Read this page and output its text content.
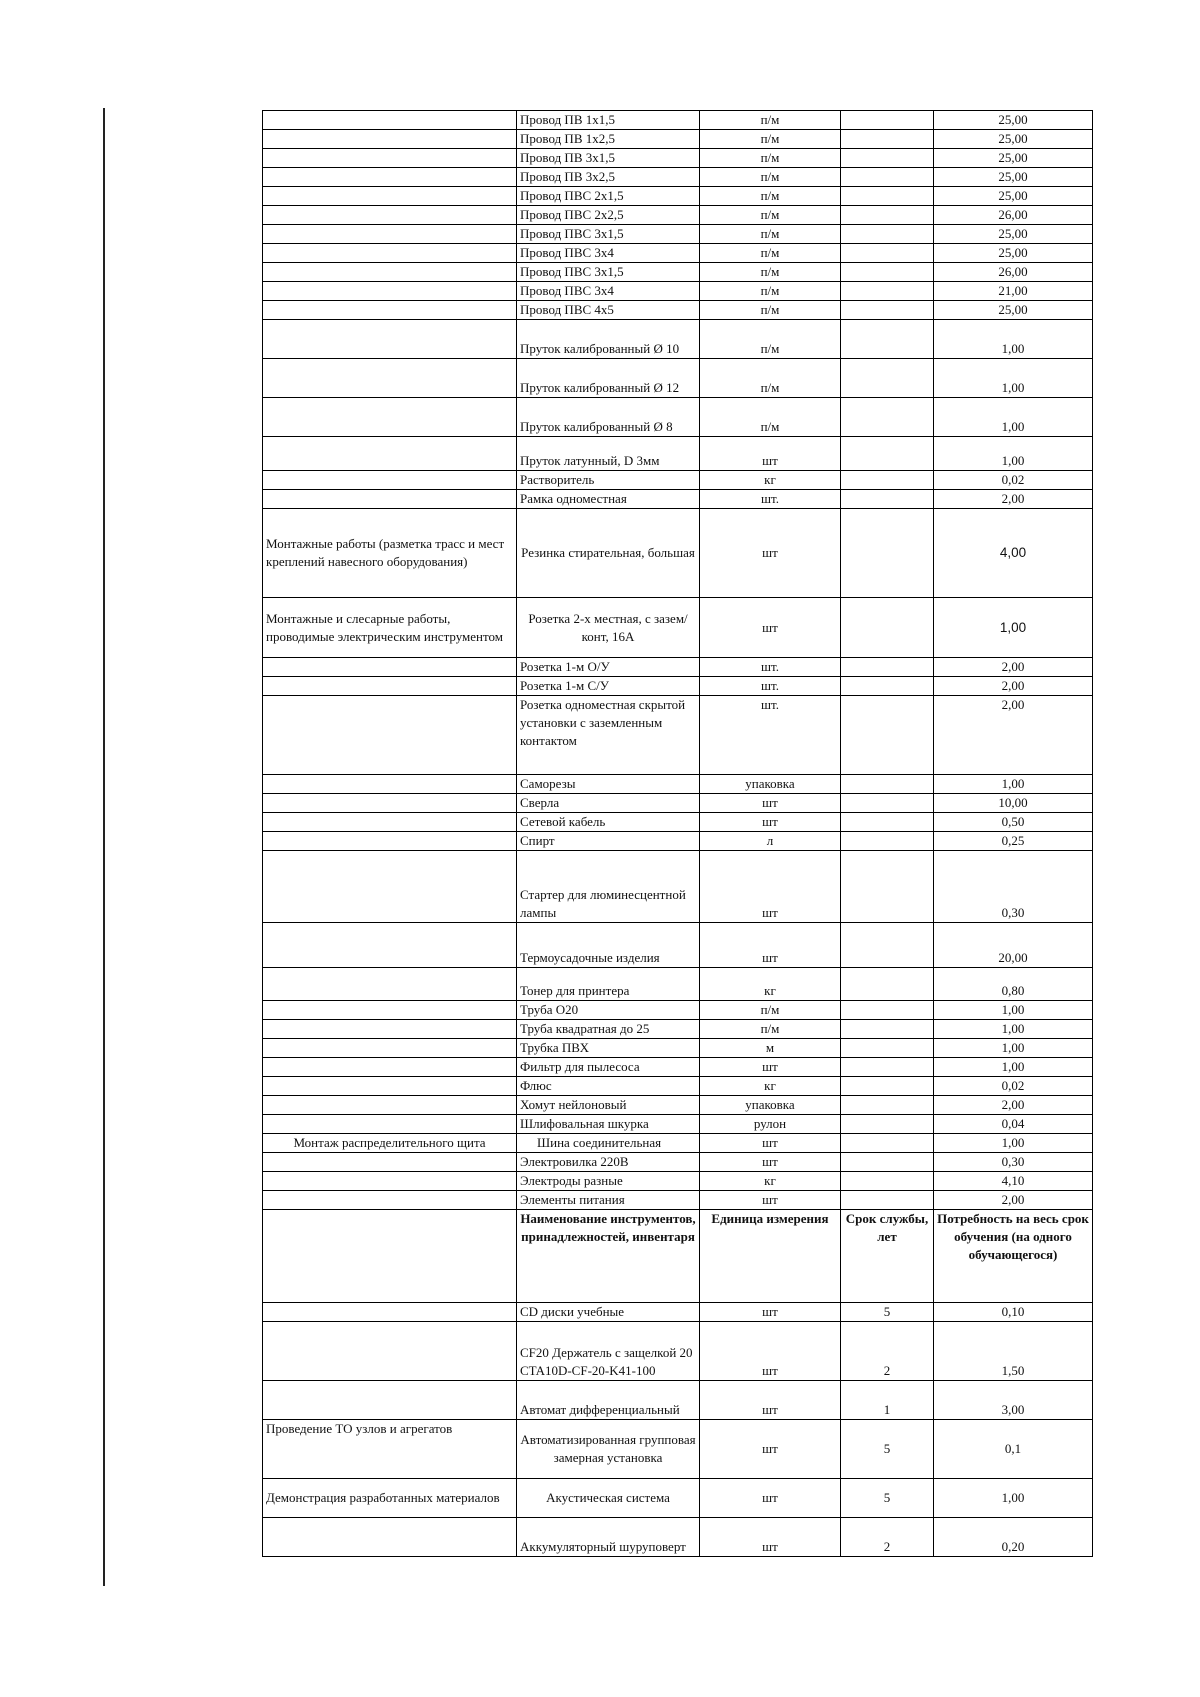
	Провод ПВ 1х1,5	п/м		25,00
	Провод ПВ 1х2,5	п/м		25,00
	Провод ПВ 3х1,5	п/м		25,00
	Провод ПВ 3х2,5	п/м		25,00
	Провод ПВС 2х1,5	п/м		25,00
	Провод ПВС 2х2,5	п/м		26,00
	Провод ПВС 3х1,5	п/м		25,00
	Провод ПВС 3х4	п/м		25,00
	Провод ПВС 3х1,5	п/м		26,00
	Провод ПВС 3х4	п/м		21,00
	Провод ПВС 4х5	п/м		25,00
	Пруток калиброванный Ø 10	п/м		1,00
	Пруток калиброванный Ø 12	п/м		1,00
	Пруток калиброванный Ø 8	п/м		1,00
	Пруток латунный, D 3мм	шт		1,00
	Растворитель	кг		0,02
	Рамка одноместная	шт.		2,00
Монтажные работы (разметка трасс и мест креплений навесного оборудования)	Резинка стирательная, большая	шт		4,00
Монтажные и слесарные работы, проводимые электрическим инструментом	Розетка 2-х местная, с зазем/конт, 16А	шт		1,00
	Розетка 1-м О/У	шт.		2,00
	Розетка 1-м С/У	шт.		2,00
	Розетка одноместная скрытой установки с заземленным контактом	шт.		2,00
	Саморезы	упаковка		1,00
	Сверла	шт		10,00
	Сетевой кабель	шт		0,50
	Спирт	л		0,25
	Стартер для люминесцентной лампы	шт		0,30
	Термоусадочные изделия	шт		20,00
	Тонер для принтера	кг		0,80
	Труба О20	п/м		1,00
	Труба квадратная до 25	п/м		1,00
	Трубка ПВХ	м		1,00
	Фильтр для пылесоса	шт		1,00
	Флюс	кг		0,02
	Хомут нейлоновый	упаковка		2,00
	Шлифовальная шкурка	рулон		0,04
Монтаж распределительного щита	Шина соединительная	шт		1,00
	Электровилка 220В	шт		0,30
	Электроды разные	кг		4,10
	Элементы питания	шт		2,00
	Наименование инструментов, принадлежностей, инвентаря	Единица измерения	Срок службы, лет	Потребность на весь срок обучения (на одного обучающегося)
	CD диски учебные	шт	5	0,10
	CF20 Держатель с защелкой 20 CTA10D-CF-20-K41-100	шт	2	1,50
	Автомат дифференциальный	шт	1	3,00
Проведение ТО узлов и агрегатов	Автоматизированная групповая замерная установка	шт	5	0,1
Демонстрация разработанных материалов	Акустическая система	шт	5	1,00
	Аккумуляторный шуруповерт	шт	2	0,20
